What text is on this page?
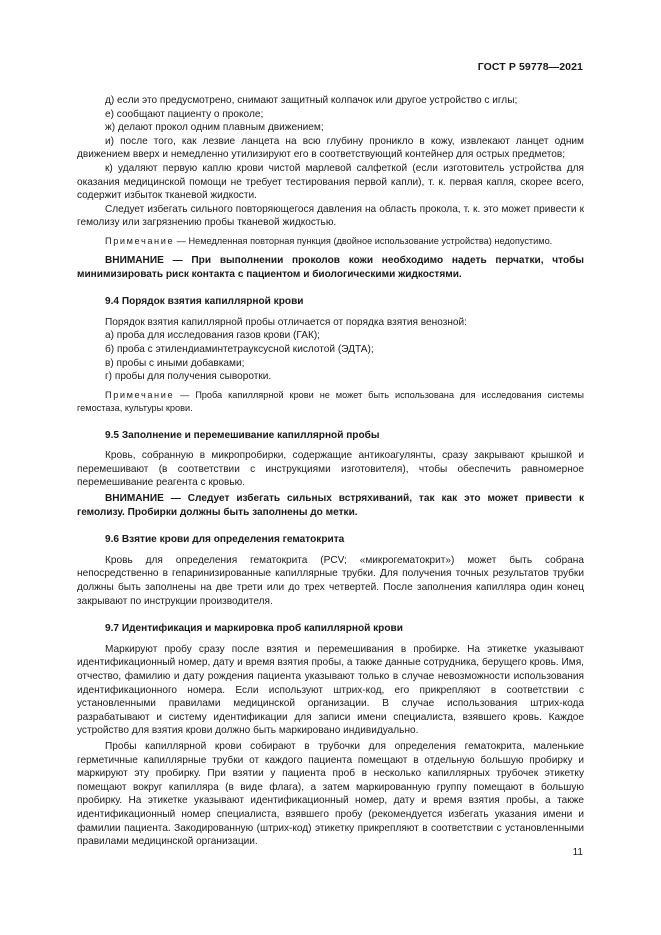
ГОСТ Р 59778—2021

д) если это предусмотрено, снимают защитный колпачок или другое устройство с иглы;

е) сообщают пациенту о проколе;

ж) делают прокол одним плавным движением;

и) после того, как лезвие ланцета на всю глубину проникло в кожу, извлекают ланцет одним движением вверх и немедленно утилизируют его в соответствующий контейнер для острых предметов;

к) удаляют первую каплю крови чистой марлевой салфеткой (если изготовитель устройства для оказания медицинской помощи не требует тестирования первой капли), т. к. первая капля, скорее всего, содержит избыток тканевой жидкости.

Следует избегать сильного повторяющегося давления на область прокола, т. к. это может привести к гемолизу или загрязнению пробы тканевой жидкостью.

Примечание — Немедленная повторная пункция (двойное использование устройства) недопустимо.

ВНИМАНИЕ — При выполнении проколов кожи необходимо надеть перчатки, чтобы минимизировать риск контакта с пациентом и биологическими жидкостями.

9.4 Порядок взятия капиллярной крови

Порядок взятия капиллярной пробы отличается от порядка взятия венозной:

а) проба для исследования газов крови (ГАК);

б) проба с этилендиаминтетрауксусной кислотой (ЭДТА);

в) пробы с иными добавками;

г) пробы для получения сыворотки.

Примечание — Проба капиллярной крови не может быть использована для исследования системы гемостаза, культуры крови.

9.5 Заполнение и перемешивание капиллярной пробы

Кровь, собранную в микропробирки, содержащие антикоагулянты, сразу закрывают крышкой и перемешивают (в соответствии с инструкциями изготовителя), чтобы обеспечить равномерное перемешивание реагента с кровью.

ВНИМАНИЕ — Следует избегать сильных встряхиваний, так как это может привести к гемолизу. Пробирки должны быть заполнены до метки.

9.6 Взятие крови для определения гематокрита

Кровь для определения гематокрита (PCV; «микрогематокрит») может быть собрана непосредственно в гепаринизированные капиллярные трубки. Для получения точных результатов трубки должны быть заполнены на две трети или до трех четвертей. После заполнения капилляра один конец закрывают по инструкции производителя.

9.7 Идентификация и маркировка проб капиллярной крови

Маркируют пробу сразу после взятия и перемешивания в пробирке. На этикетке указывают идентификационный номер, дату и время взятия пробы, а также данные сотрудника, берущего кровь. Имя, отчество, фамилию и дату рождения пациента указывают только в случае невозможности использования идентификационного номера. Если используют штрих-код, его прикрепляют в соответствии с установленными правилами медицинской организации. В случае использования штрих-кода разрабатывают и систему идентификации для записи имени специалиста, взявшего кровь. Каждое устройство для взятия крови должно быть маркировано индивидуально.

Пробы капиллярной крови собирают в трубочки для определения гематокрита, маленькие герметичные капиллярные трубки от каждого пациента помещают в отдельную большую пробирку и маркируют эту пробирку. При взятии у пациента проб в несколько капиллярных трубочек этикетку помещают вокруг капилляра (в виде флага), а затем маркированную группу помещают в большую пробирку. На этикетке указывают идентификационный номер, дату и время взятия пробы, а также идентификационный номер специалиста, взявшего пробу (рекомендуется избегать указания имени и фамилии пациента. Закодированную (штрих-код) этикетку прикрепляют в соответствии с установленными правилами медицинской организации.

11
